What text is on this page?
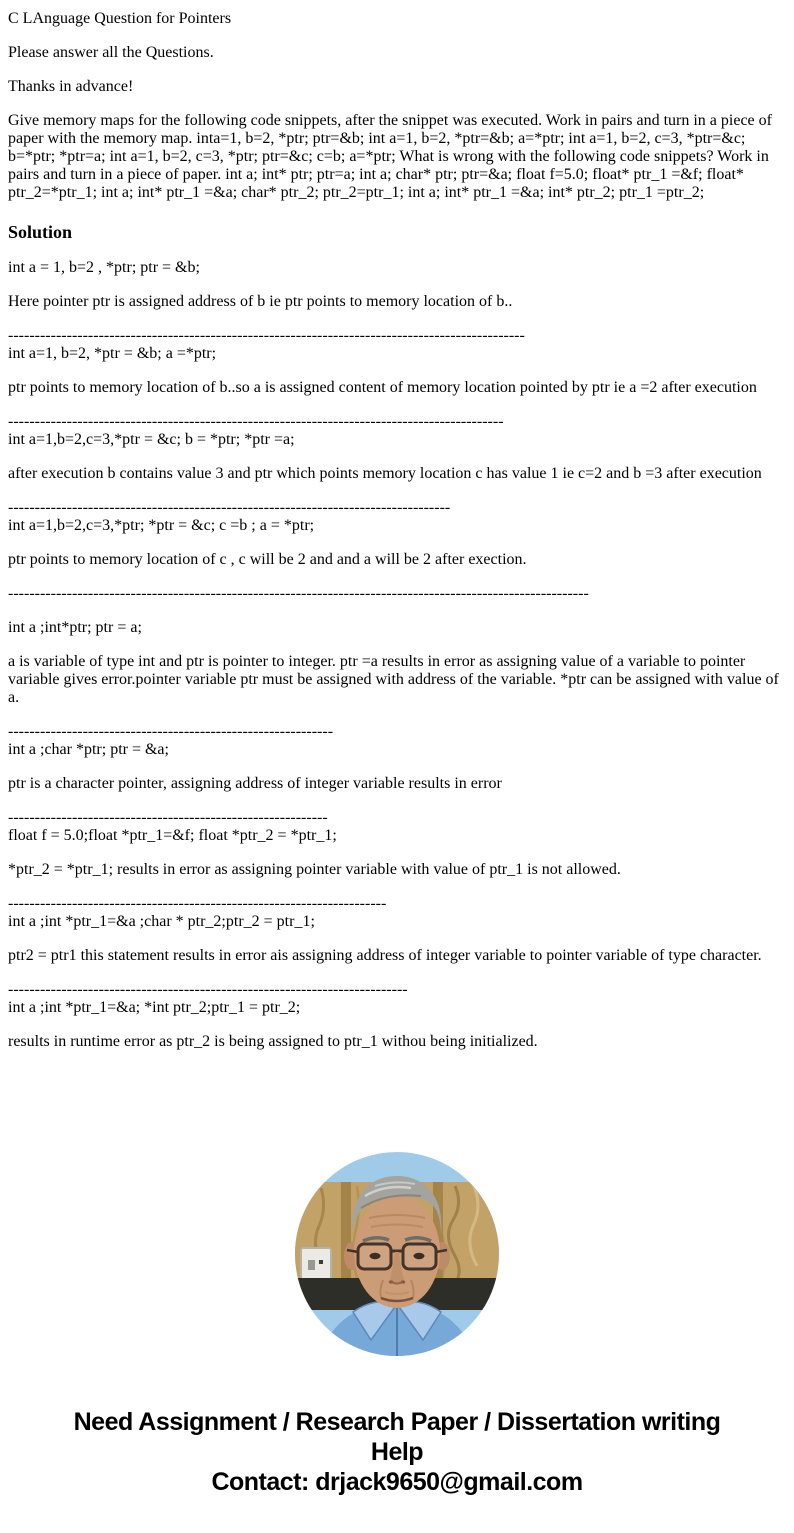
C LAnguage Question for Pointers

Please answer all the Questions.

Thanks in advance!

Give memory maps for the following code snippets, after the snippet was executed. Work in pairs and turn in a piece of paper with the memory map. inta=1, b=2, *ptr; ptr=&b; int a=1, b=2, *ptr=&b; a=*ptr; int a=1, b=2, c=3, *ptr=&c; b=*ptr; *ptr=a; int a=1, b=2, c=3, *ptr; ptr=&c; c=b; a=*ptr; What is wrong with the following code snippets? Work in pairs and turn in a piece of paper. int a; int* ptr; ptr=a; int a; char* ptr; ptr=&a; float f=5.0; float* ptr_1 =&f; float* ptr_2=*ptr_1; int a; int* ptr_1 =&a; char* ptr_2; ptr_2=ptr_1; int a; int* ptr_1 =&a; int* ptr_2; ptr_1 =ptr_2;

Solution

int a = 1, b=2 , *ptr; ptr = &b;

Here pointer ptr is assigned address of b ie ptr points to memory location of b..

-------------------------------------------------------------------------------------------------
int a=1, b=2, *ptr = &b; a =*ptr;

ptr points to memory location of b..so a is assigned content of memory location pointed by ptr ie a =2 after execution

---------------------------------------------------------------------------------------------
int a=1,b=2,c=3,*ptr = &c; b = *ptr; *ptr =a;

after execution b contains value 3 and ptr which points memory location c has value 1 ie c=2 and b =3 after execution

-----------------------------------------------------------------------------------
int a=1,b=2,c=3,*ptr; *ptr = &c; c =b ; a = *ptr;

ptr points to memory location of c , c will be 2 and and a will be 2 after exection.

-------------------------------------------------------------------------------------------------------------

int a ;int*ptr; ptr = a;

a is variable of type int and ptr is pointer to integer. ptr =a results in error as assigning value of a variable to pointer variable gives error.pointer variable ptr must be assigned with address of the variable. *ptr can be assigned with value of a.

-------------------------------------------------------------
int a ;char *ptr; ptr = &a;

ptr is a character pointer, assigning address of integer variable results in error

------------------------------------------------------------
float f = 5.0;float *ptr_1=&f; float *ptr_2 = *ptr_1;

*ptr_2 = *ptr_1; results in error as assigning pointer variable with value of ptr_1 is not allowed.

-----------------------------------------------------------------------
int a ;int *ptr_1=&a ;char * ptr_2;ptr_2 = ptr_1;

ptr2 = ptr1 this statement results in error ais assigning address of integer variable to pointer variable of type character.

---------------------------------------------------------------------------
int a ;int *ptr_1=&a; *int ptr_2;ptr_1 = ptr_2;

results in runtime error as ptr_2 is being assigned to ptr_1 withou being initialized.

Need Assignment / Research Paper / Dissertation writing Help
Contact: drjack9650@gmail.com
